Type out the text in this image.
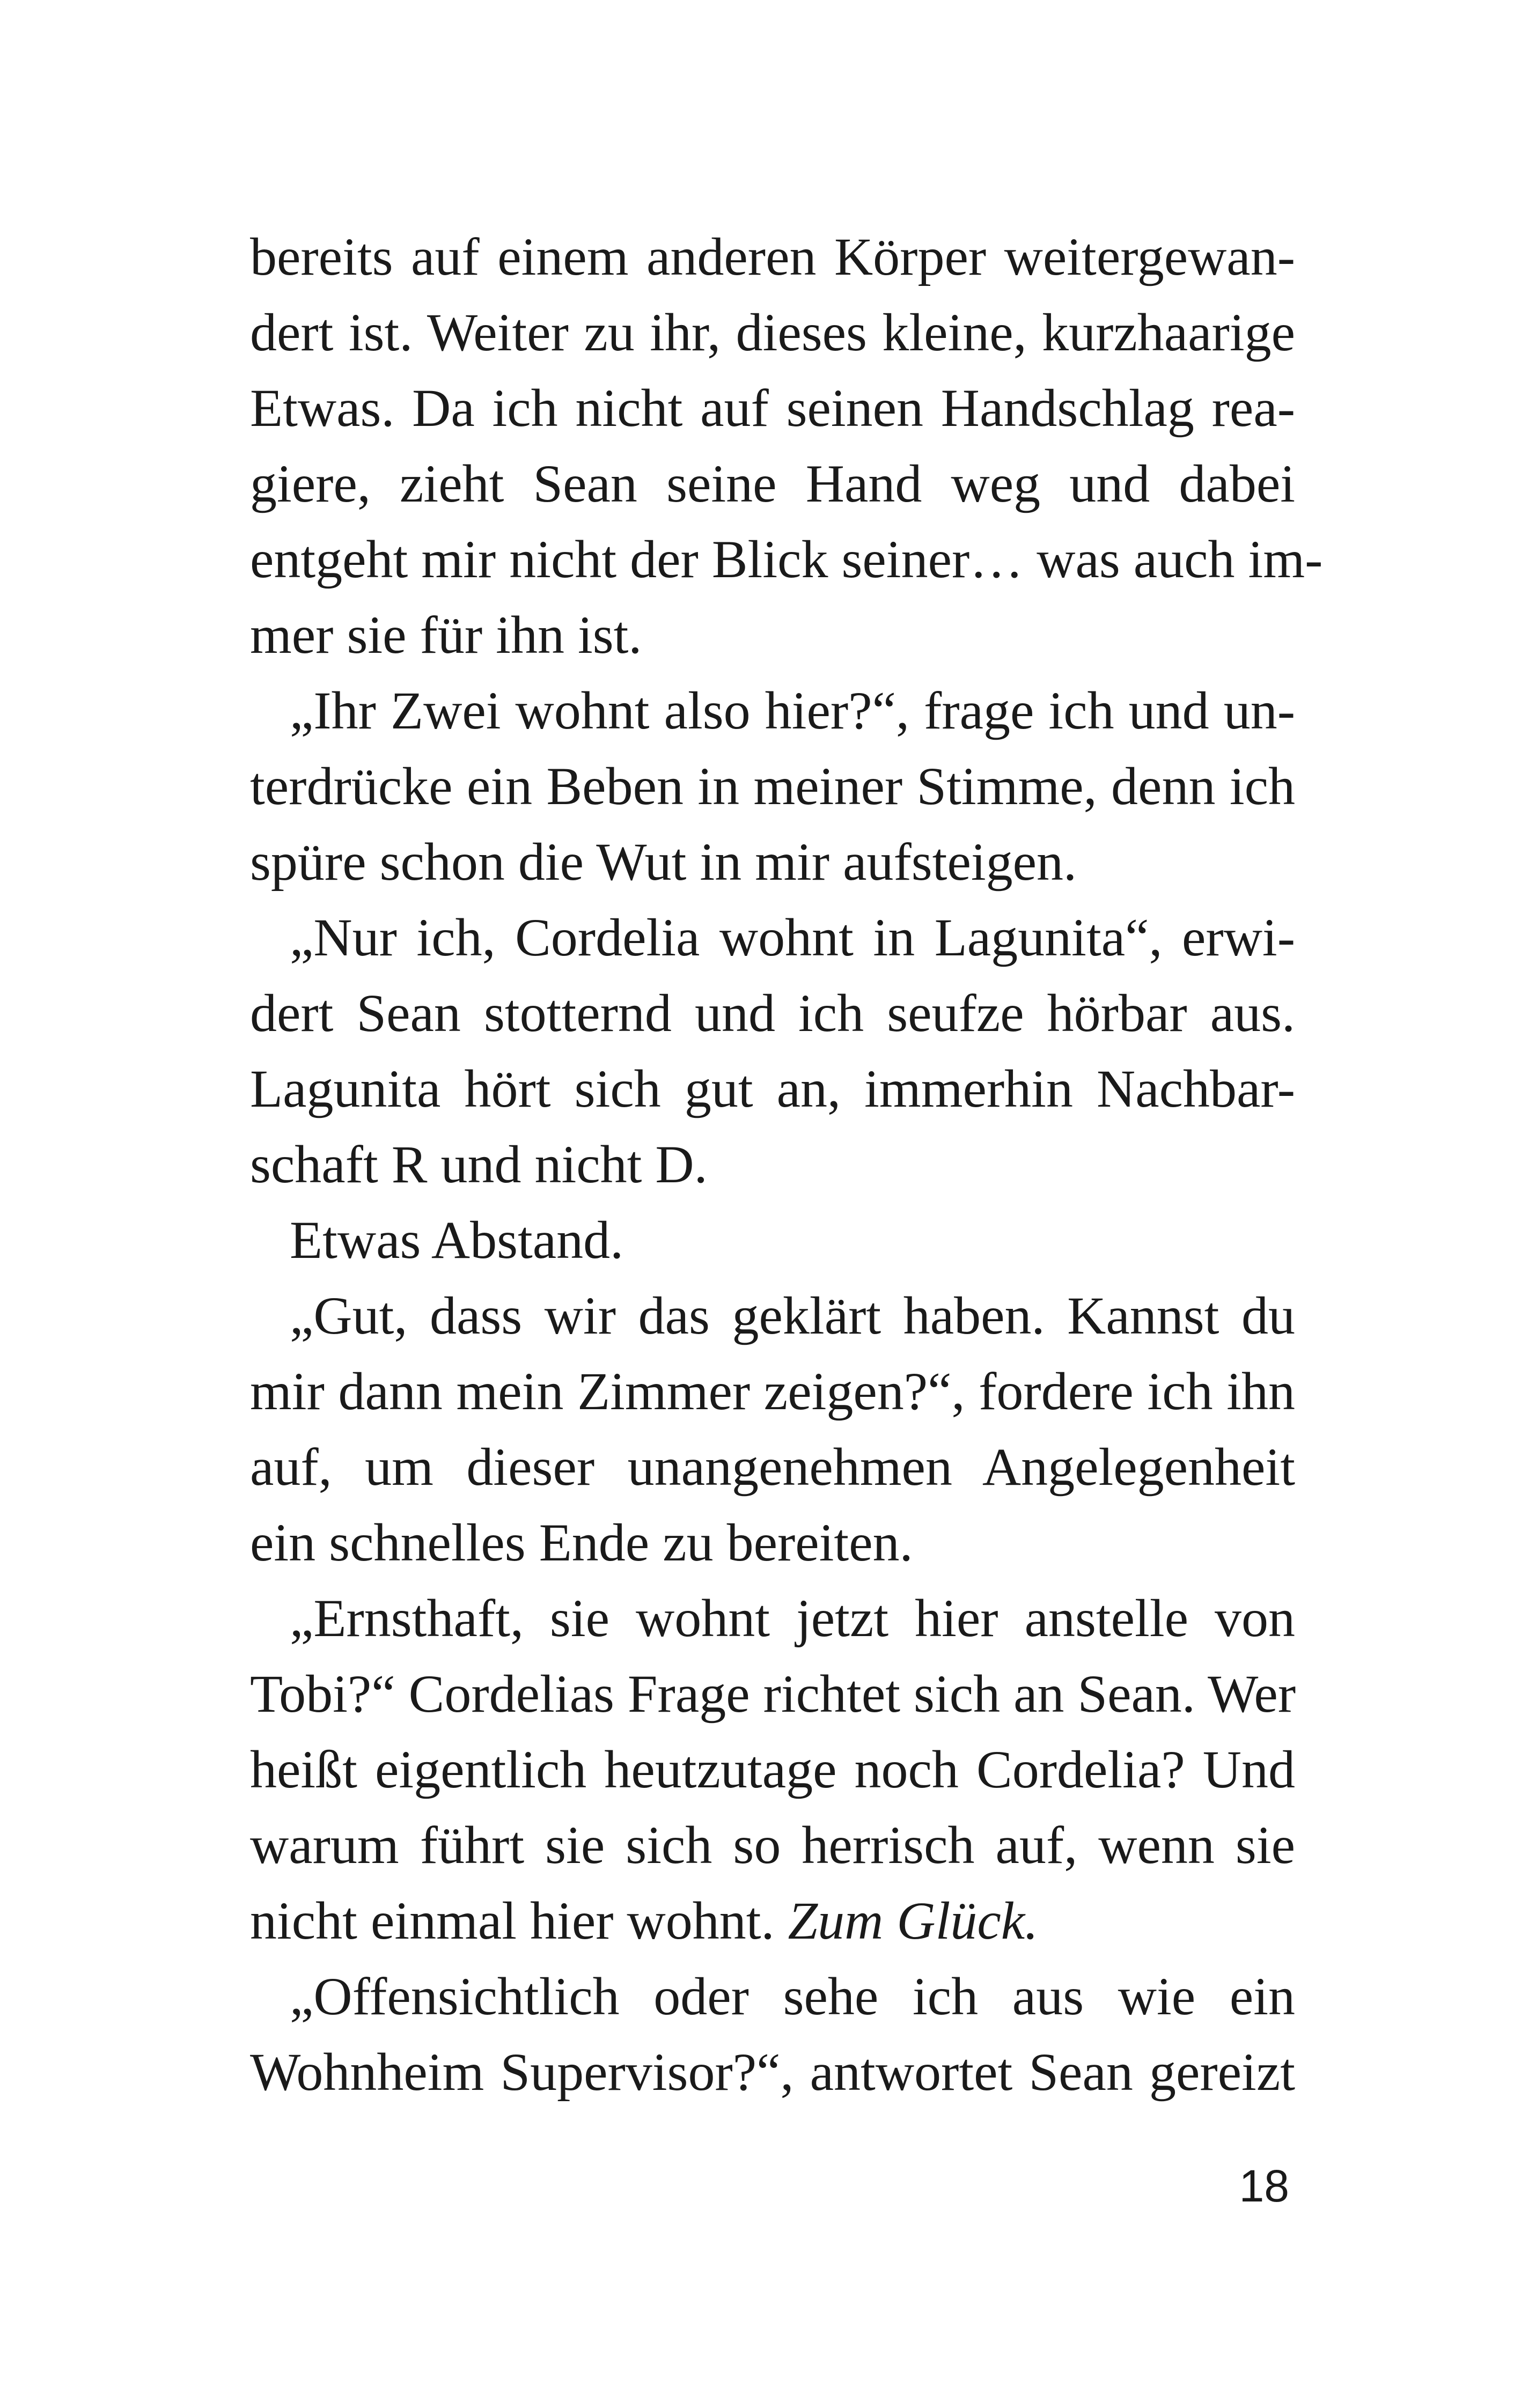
bereits auf einem anderen Körper weitergewan-
dert ist. Weiter zu ihr, dieses kleine, kurzhaarige
Etwas. Da ich nicht auf seinen Handschlag rea-
giere, zieht Sean seine Hand weg und dabei
entgeht mir nicht der Blick seiner… was auch im-
mer sie für ihn ist.
„Ihr Zwei wohnt also hier?“, frage ich und un-
terdrücke ein Beben in meiner Stimme, denn ich
spüre schon die Wut in mir aufsteigen.
„Nur ich, Cordelia wohnt in Lagunita“, erwi-
dert Sean stotternd und ich seufze hörbar aus.
Lagunita hört sich gut an, immerhin Nachbar-
schaft R und nicht D.
Etwas Abstand.
„Gut, dass wir das geklärt haben. Kannst du
mir dann mein Zimmer zeigen?“, fordere ich ihn
auf, um dieser unangenehmen Angelegenheit
ein schnelles Ende zu bereiten.
„Ernsthaft, sie wohnt jetzt hier anstelle von
Tobi?“ Cordelias Frage richtet sich an Sean. Wer
heißt eigentlich heutzutage noch Cordelia? Und
warum führt sie sich so herrisch auf, wenn sie
nicht einmal hier wohnt. Zum Glück.
„Offensichtlich oder sehe ich aus wie ein
Wohnheim Supervisor?“, antwortet Sean gereizt
18
